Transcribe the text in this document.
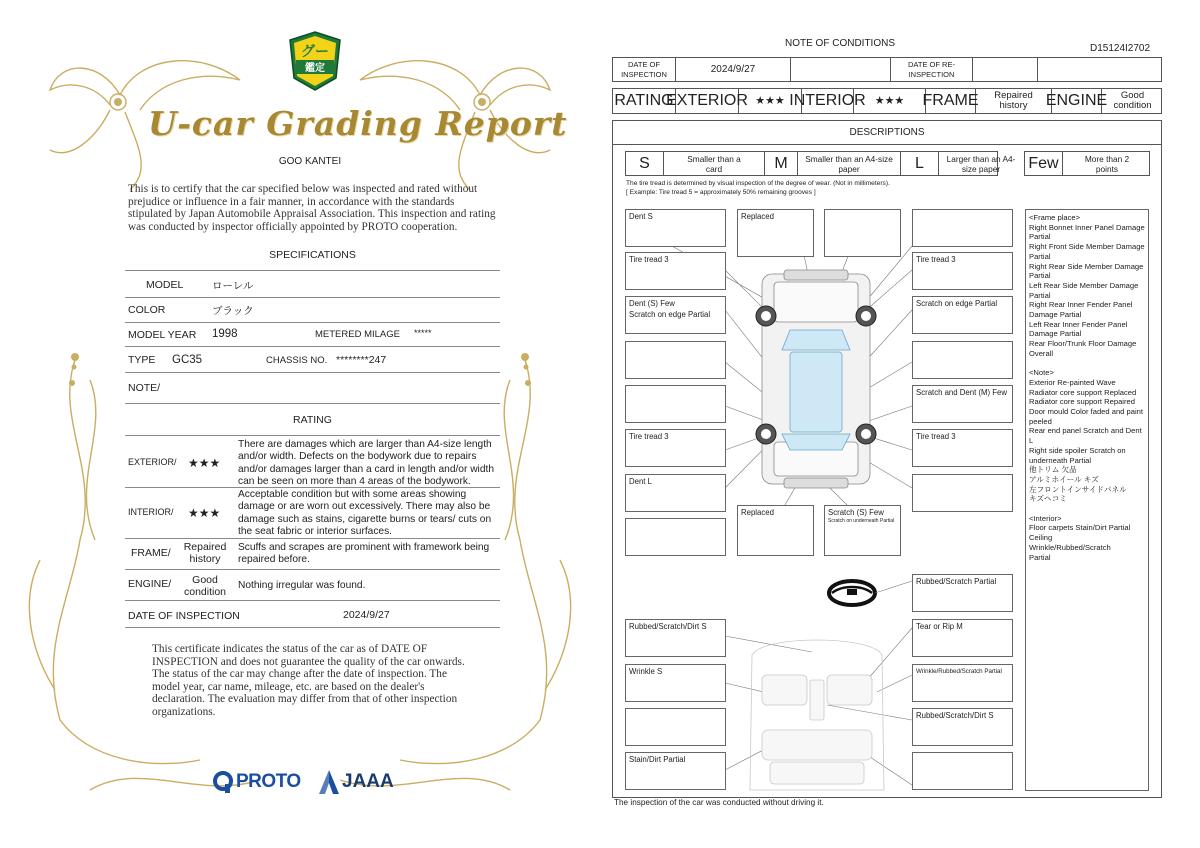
グー
鑑定
U-car Grading Report
GOO KANTEI
This is to certify that the car specified below was inspected and rated without prejudice or influence in a fair manner, in accordance with the standards stipulated by Japan Automobile Appraisal Association. This inspection and rating was conducted by inspector officially appointed by PROTO cooperation.
SPECIFICATIONS
MODEL	ローレル
COLOR	ブラック
MODEL YEAR 1998	METERED MILAGE *****
TYPE GC35	CHASSIS NO. ********247
NOTE/
RATING
EXTERIOR/ ★★★
There are damages which are larger than A4-size length and/or width. Defects on the bodywork due to repairs and/or damages larger than a card in length and/or width can be seen on more than 4 areas of the bodywork.
INTERIOR/ ★★★
Acceptable condition but with some areas showing damage or are worn out excessively. There may also be damage such as stains, cigarette burns or tears/ cuts on the seat fabric or interior surfaces.
FRAME/	Repaired history
Scuffs and scrapes are prominent with framework being repaired before.
ENGINE/	Good condition
Nothing irregular was found.
DATE OF INSPECTION	2024/9/27
This certificate indicates the status of the car as of DATE OF INSPECTION and does not guarantee the quality of the car onwards. The status of the car may change after the date of inspection. The model year, car name, mileage, etc. are based on the dealer's declaration. The evaluation may differ from that of other inspection organizations.
PROTO JAAA
NOTE OF CONDITIONS	D15124I2702
DATE OF INSPECTION	2024/9/27	DATE OF RE-INSPECTION
RATING
EXTERIOR ★★★ INTERIOR ★★★	FRAME	Repaired history	ENGINE	Good condition
DESCRIPTIONS
S	Smaller than a card	M	Smaller than an A4-size paper	L	Larger than an A4-size paper	Few	More than 2 points
The tire tread is determined by visual inspection of the degree of wear. (Not in millimeters).
[ Example: Tire tread 5 = approximately 50% remaining grooves ]
Dent S	Replaced
Tire tread 3	Tire tread 3
Dent (S) Few
Scratch on edge Partial
Scratch on edge Partial
Scratch and Dent (M) Few
Tire tread 3	Tire tread 3
Dent L
Replaced	Scratch (S) Few
Scratch on underneath Partial
Rubbed/Scratch Partial
Rubbed/Scratch/Dirt S	Tear or Rip M
Wrinkle S	Wrinkle/Rubbed/Scratch Partial
Rubbed/Scratch/Dirt S
Stain/Dirt Partial

<Frame place>

Right Bonnet Inner Panel Damage Partial

Right Front Side Member Damage Partial

Right Rear Side Member Damage Partial

Left Rear Side Member Damage Partial

Right Rear Inner Fender Panel Damage Partial

Left Rear Inner Fender Panel Damage Partial

Rear Floor/Trunk Floor Damage Overall

<Note>

Exterior Re-painted Wave

Radiator core support Replaced

Radiator core support Repaired

Door mould Color faded and paint peeled

Rear end panel Scratch and Dent L

Right side spoiler Scratch on underneath Partial

他トリム 欠品

アルミホイール キズ

左フロントインサイドパネル

キズヘコミ

<Interior>

Floor carpets Stain/Dirt Partial

Ceiling

Wrinkle/Rubbed/Scratch

Partial

The inspection of the car was conducted without driving it.
